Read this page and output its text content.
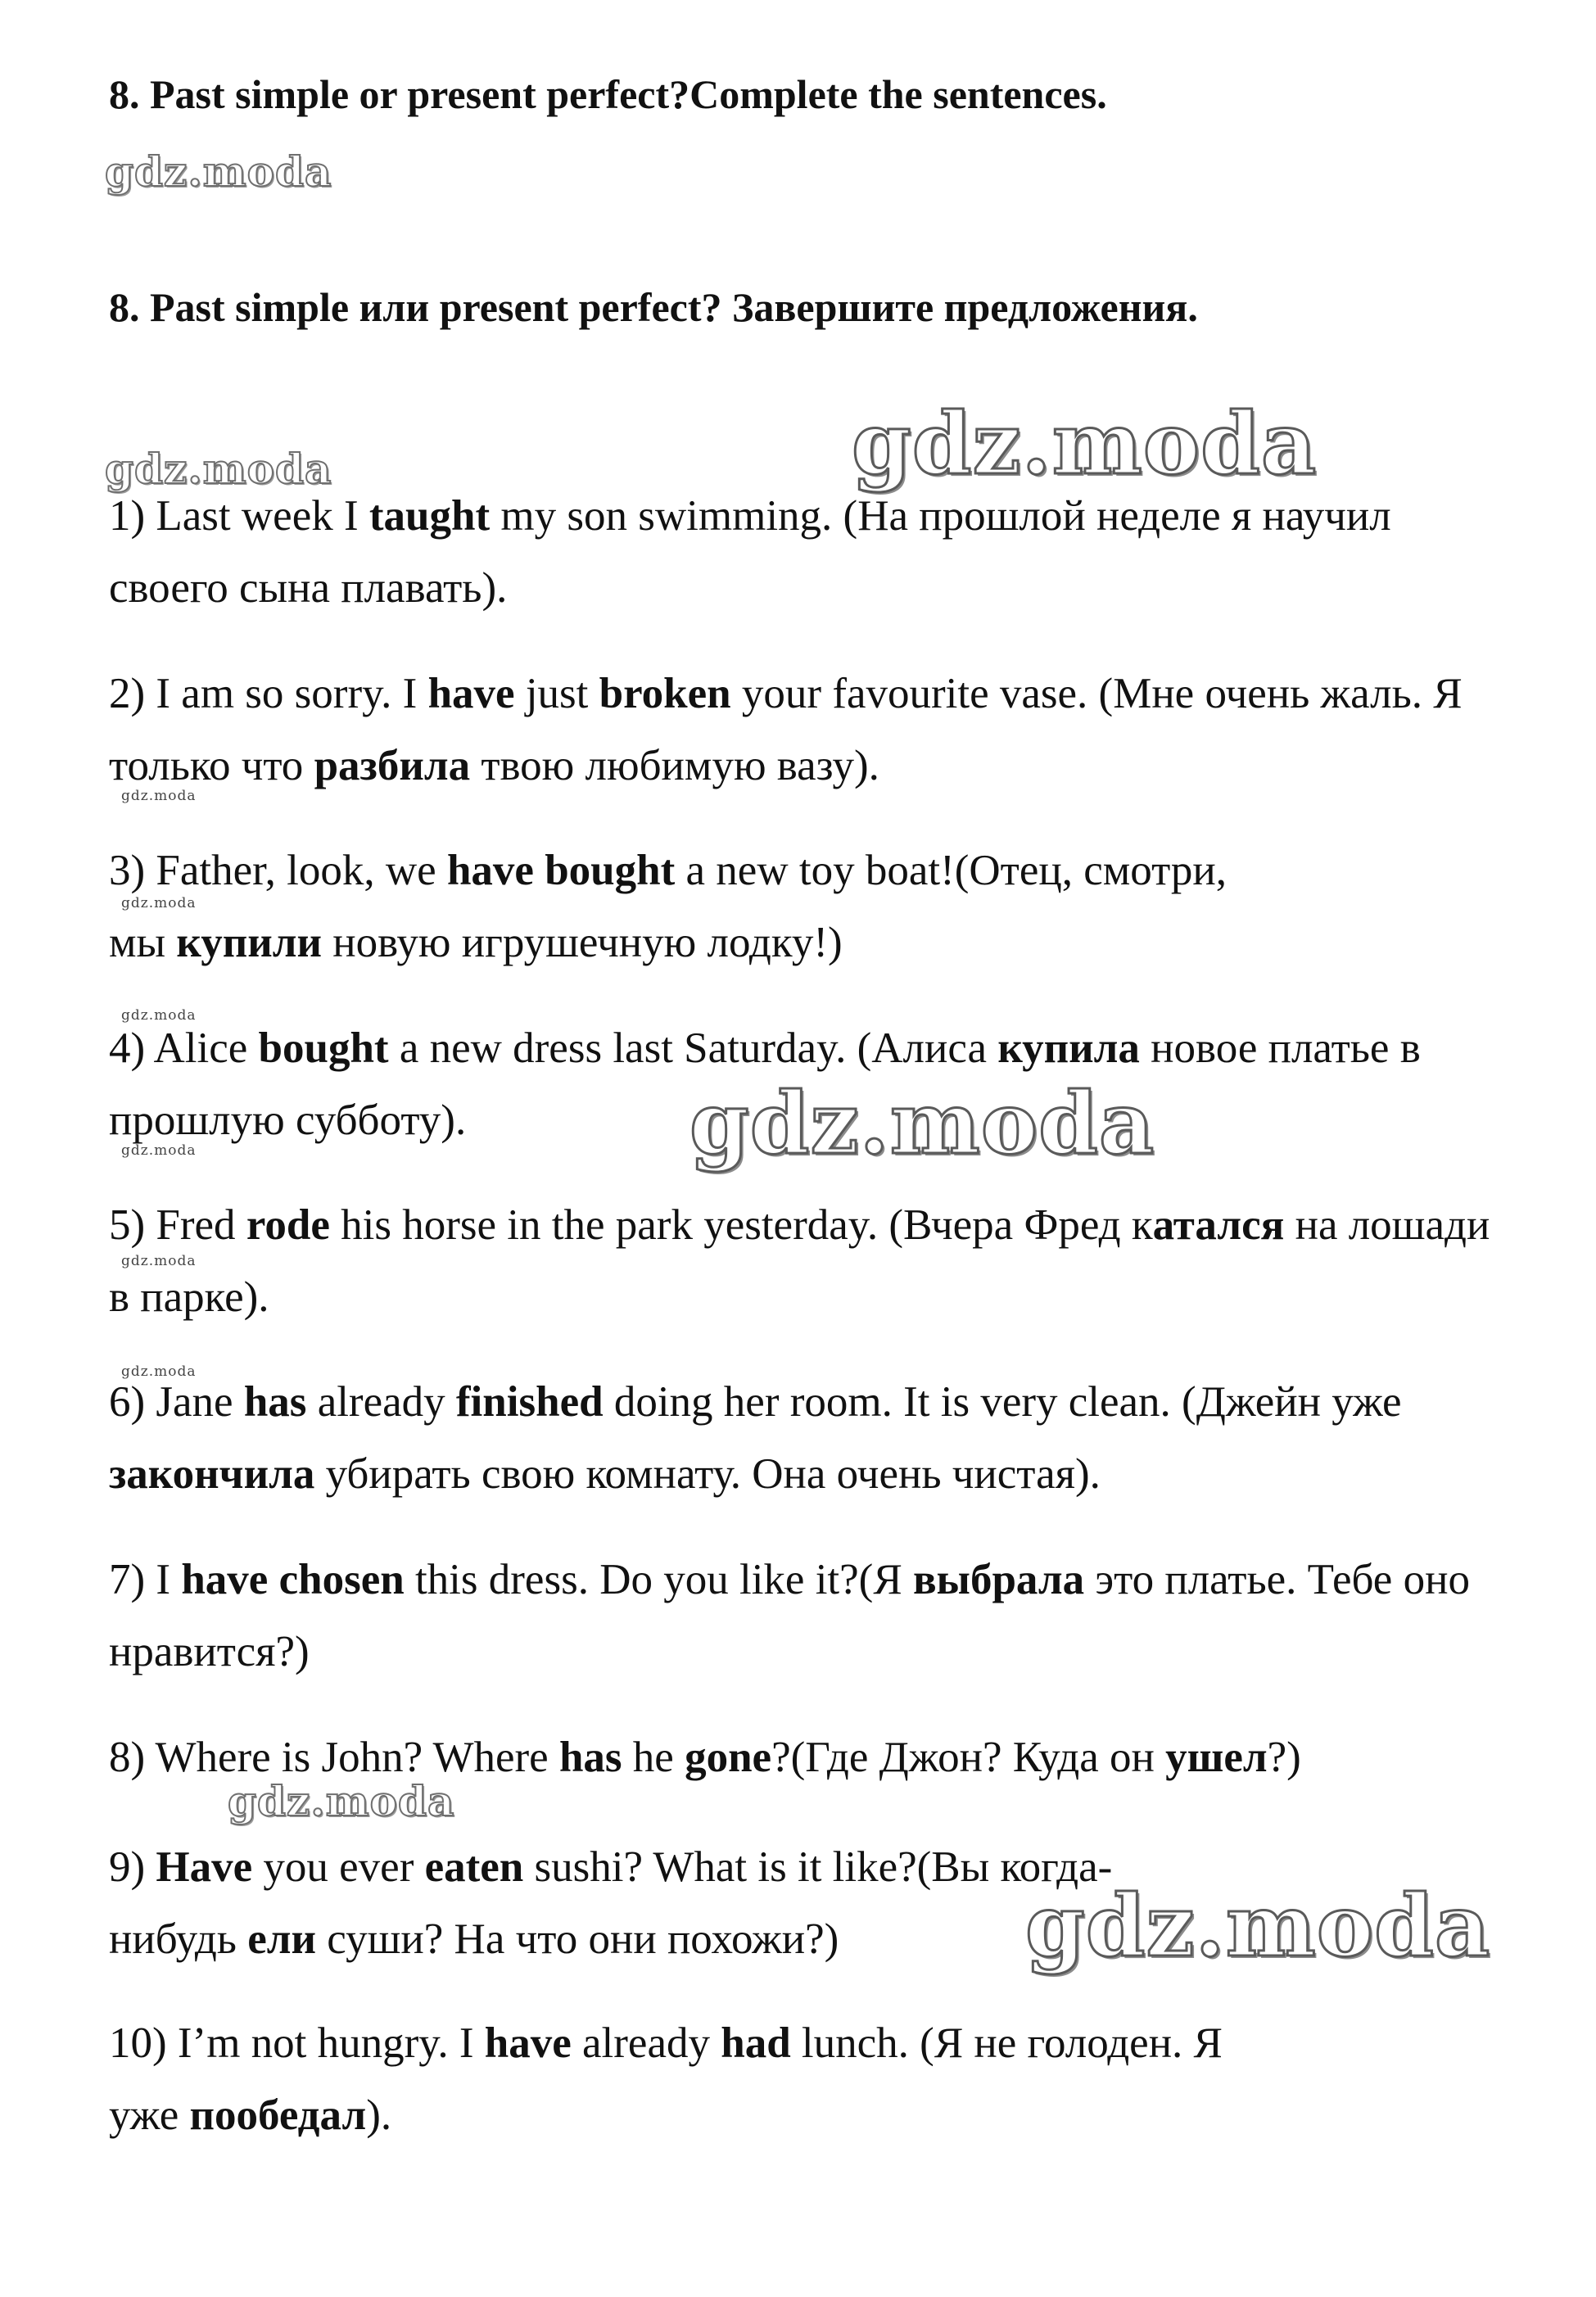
8. Past simple or present perfect?Complete the sentences.
gdz.moda
8. Past simple или present perfect? Завершите предложения.
gdz.moda	gdz.moda
1) Last week I taught my son swimming. (На прошлой неделе я научил своего сына плавать).
2) I am so sorry. I have just broken your favourite vase. (Мне очень жаль. Я только что разбила твою любимую вазу).
gdz.moda
3) Father, look, we have bought a new toy boat!(Отец, смотри,
мы купили новую игрушечную лодку!)
gdz.moda
gdz.moda
4) Alice bought a new dress last Saturday. (Алиса купила новое платье в прошлую субботу).	gdz.moda
gdz.moda
5) Fred rode his horse in the park yesterday. (Вчера Фред катался на лошади в парке).
gdz.moda
gdz.moda
6) Jane has already finished doing her room. It is very clean. (Джейн уже закончила убирать свою комнату. Она очень чистая).
7) I have chosen this dress. Do you like it?(Я выбрала это платье. Тебе оно нравится?)
8) Where is John? Where has he gone?(Где Джон? Куда он ушел?)
gdz.moda
9) Have you ever eaten sushi? What is it like?(Вы когда-
нибудь ели суши? На что они похожи?)	gdz.moda
10) I’m not hungry. I have already had lunch. (Я не голоден. Я
уже пообедал).
